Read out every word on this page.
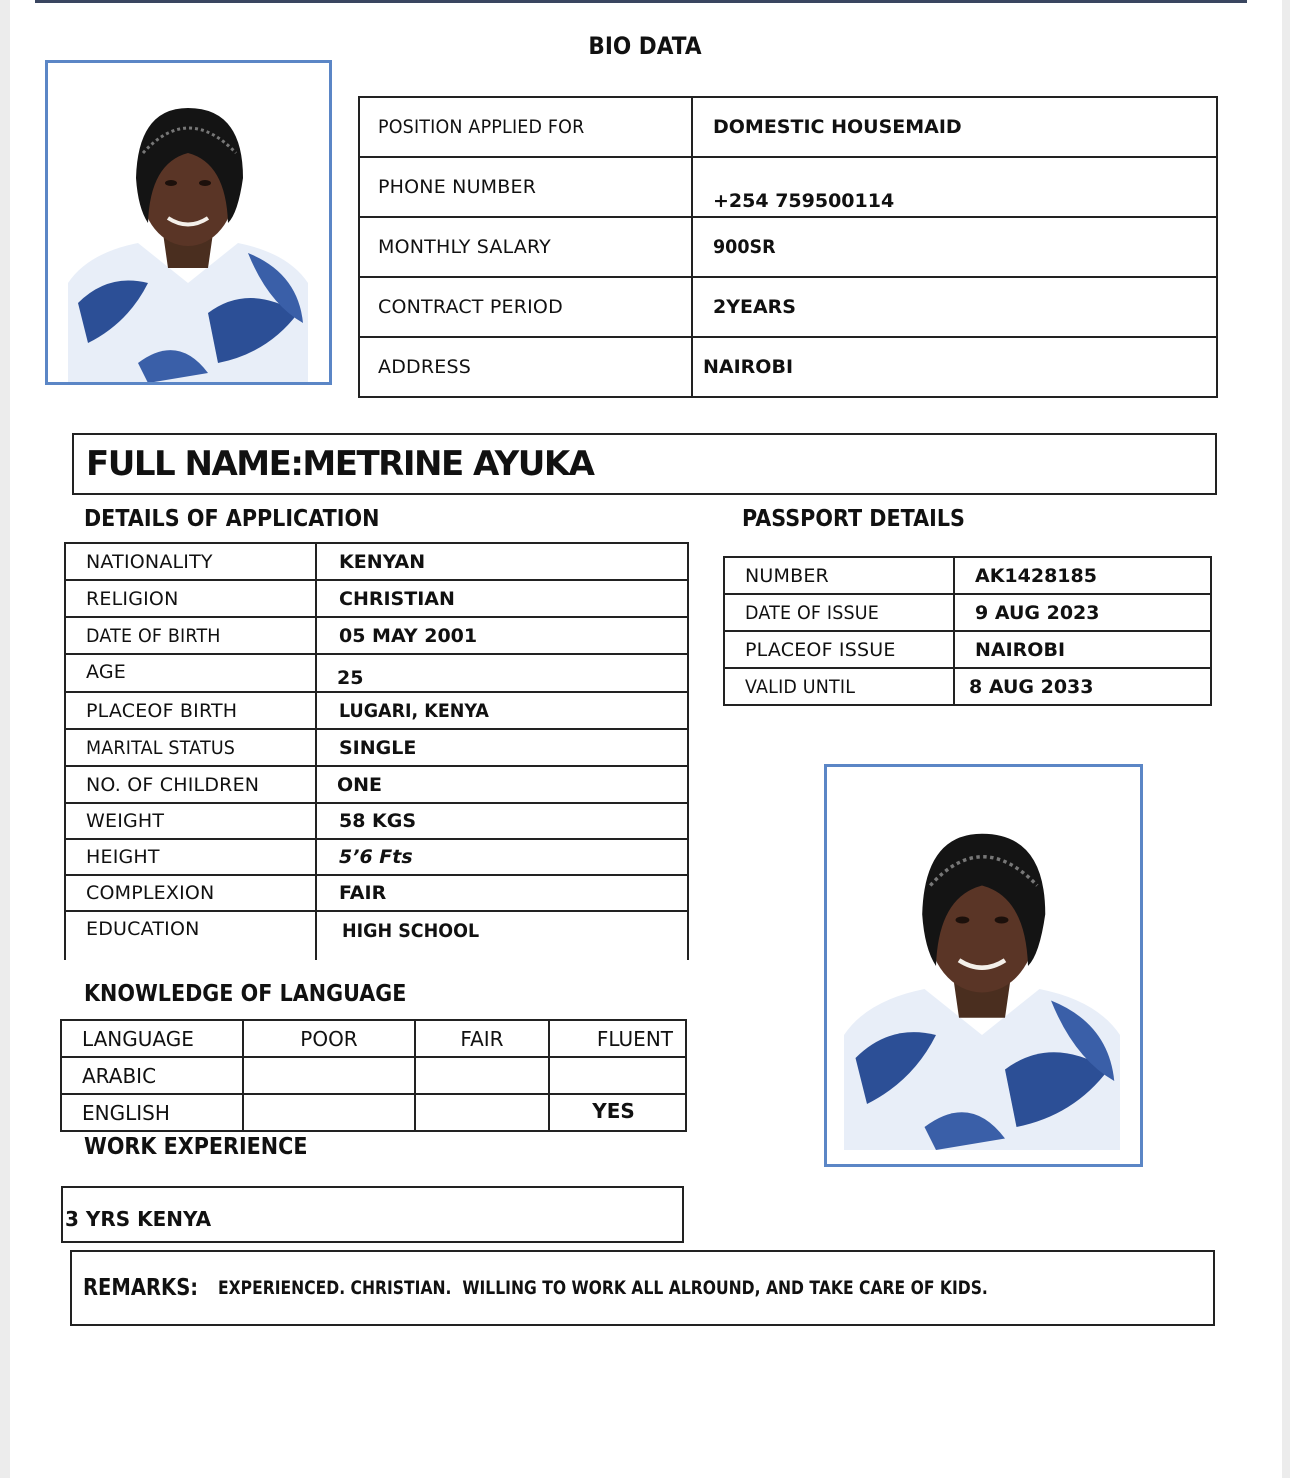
BIO DATA
POSITION APPLIED FOR	DOMESTIC HOUSEMAID
PHONE NUMBER	+254 759500114
MONTHLY SALARY	900SR
CONTRACT PERIOD	2YEARS
ADDRESS	NAIROBI
FULL NAME:METRINE AYUKA
DETAILS OF APPLICATION
NATIONALITY	KENYAN
RELIGION	CHRISTIAN
DATE OF BIRTH	05 MAY 2001
AGE	25
PLACEOF BIRTH	LUGARI, KENYA
MARITAL STATUS	SINGLE
NO. OF CHILDREN	ONE
WEIGHT	58 KGS
HEIGHT	5’6 Fts
COMPLEXION	FAIR
EDUCATION	HIGH SCHOOL
PASSPORT DETAILS
NUMBER	AK1428185
DATE OF ISSUE	9 AUG 2023
PLACEOF ISSUE	NAIROBI
VALID UNTIL	8 AUG 2033
KNOWLEDGE OF LANGUAGE
LANGUAGE	POOR	FAIR	FLUENT
ARABIC			
ENGLISH			YES
WORK EXPERIENCE
3 YRS KENYA
REMARKS: EXPERIENCED. CHRISTIAN.  WILLING TO WORK ALL ALROUND, AND TAKE CARE OF KIDS.
